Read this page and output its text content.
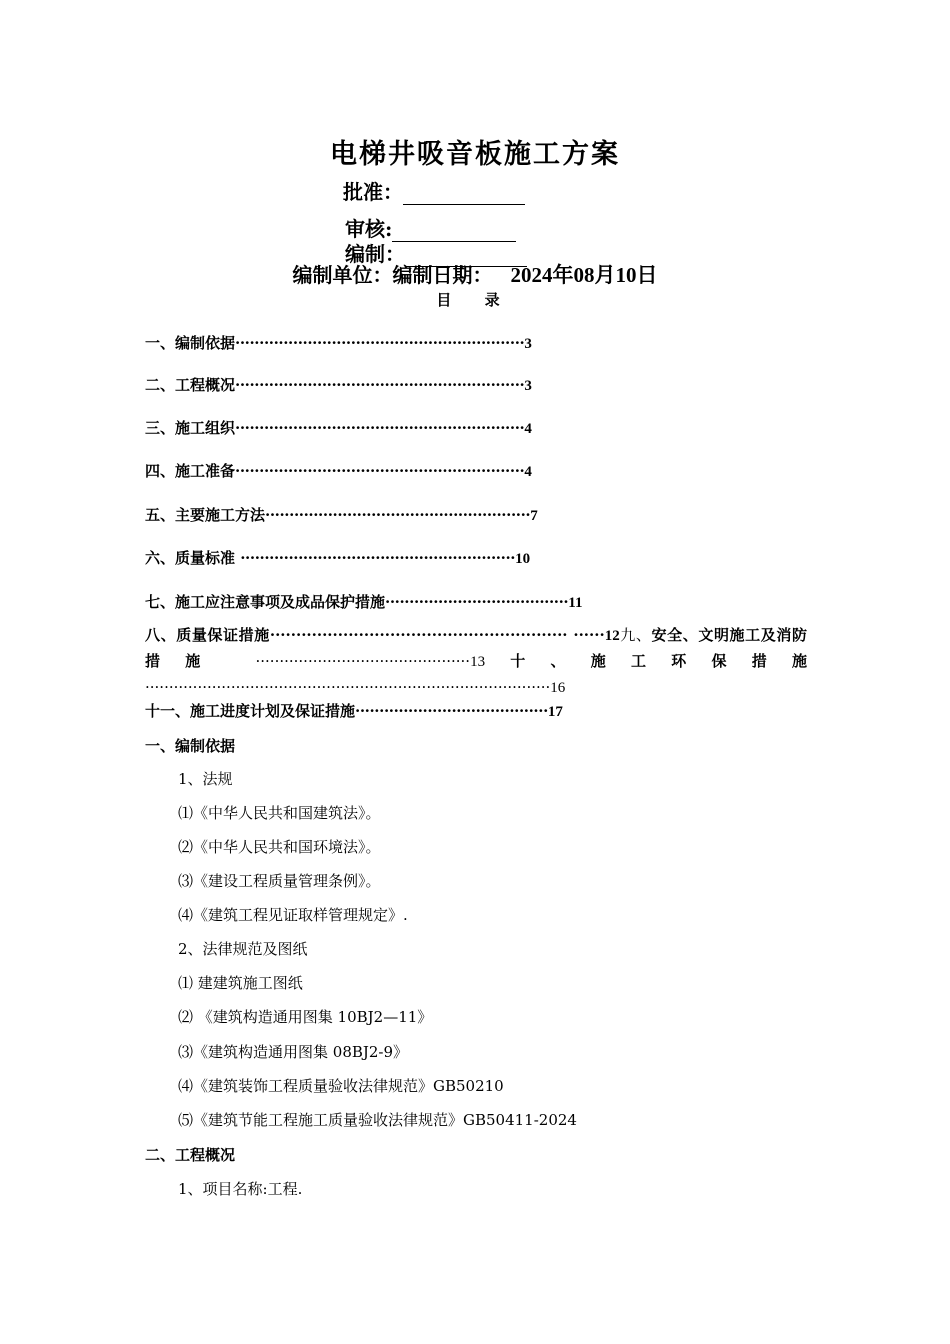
电梯井吸音板施工方案
批准：
审核:
编制：
编制单位：编制日期： 2024年08月10日
目 录
一、编制依据····························································3
二、工程概况····························································3
三、施工组织····························································4
四、施工准备····························································4
五、主要施工方法·······················································7
六、质量标准 ·························································10
七、施工应注意事项及成品保护措施······································11
八、质量保证措施························································· ······12九、安全、文明施工及消防措施 ·············································13十、施工环保措施 ·····················································································16
十一、施工进度计划及保证措施········································17
一、编制依据
1、法规
⑴《中华人民共和国建筑法》。
⑵《中华人民共和国环境法》。
⑶《建设工程质量管理条例》。
⑷《建筑工程见证取样管理规定》.
2、法律规范及图纸
⑴ 建建筑施工图纸
⑵ 《建筑构造通用图集 10BJ2—11》
⑶《建筑构造通用图集 08BJ2-9》
⑷《建筑装饰工程质量验收法律规范》GB50210
⑸《建筑节能工程施工质量验收法律规范》GB50411-2024
二、工程概况
1、项目名称:工程.
